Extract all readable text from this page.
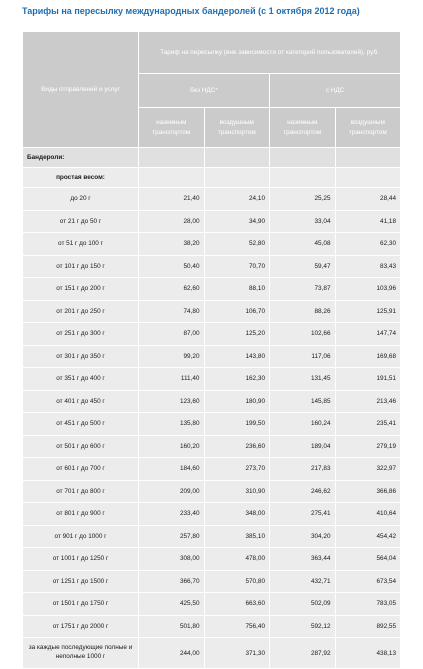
Тарифы на пересылку международных бандеролей (с 1 октября 2012 года)
Виды отправлений и услуг	Тариф на пересылку (вне зависимости от категорий пользователей), руб.			
	без НДС*		с НДС	
	наземным транспортом	воздушным транспортом	наземным транспортом	воздушным транспортом
Бандероли:				
простая весом:				
до 20 г	21,40	24,10	25,25	28,44
от 21 г до 50 г	28,00	34,90	33,04	41,18
от 51 г до 100 г	38,20	52,80	45,08	62,30
от 101 г до 150 г	50,40	70,70	59,47	83,43
от 151 г до 200 г	62,60	88,10	73,87	103,96
от 201 г до 250 г	74,80	106,70	88,26	125,91
от 251 г до 300 г	87,00	125,20	102,66	147,74
от 301 г до 350 г	99,20	143,80	117,06	169,68
от 351 г до 400 г	111,40	162,30	131,45	191,51
от 401 г до 450 г	123,60	180,90	145,85	213,46
от 451 г до 500 г	135,80	199,50	160,24	235,41
от 501 г до 600 г	160,20	236,60	189,04	279,19
от 601 г до 700 г	184,60	273,70	217,83	322,97
от 701 г до 800 г	209,00	310,90	246,62	366,86
от 801 г до 900 г	233,40	348,00	275,41	410,64
от 901 г до 1000 г	257,80	385,10	304,20	454,42
от 1001 г до 1250 г	308,00	478,00	363,44	564,04
от 1251 г до 1500 г	366,70	570,80	432,71	673,54
от 1501 г до 1750 г	425,50	663,60	502,09	783,05
от 1751 г до 2000 г	501,80	756,40	592,12	892,55
за каждые последующие полные и неполные 1000 г	244,00	371,30	287,92	438,13
